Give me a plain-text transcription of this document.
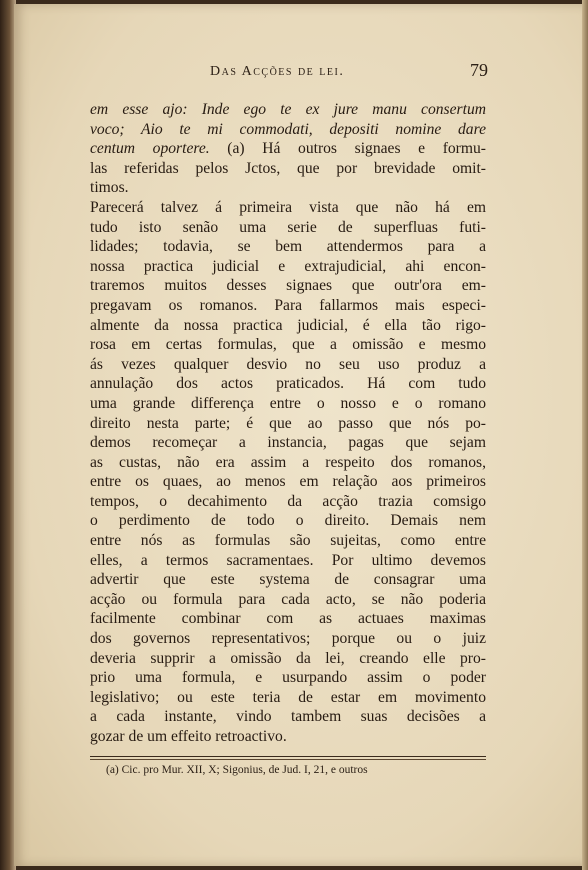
Das Acções de lei.	79
em esse ajo: Inde ego te ex jure manu consertum
voco; Aio te mi commodati, depositi nomine dare
centum oportere. (a) Há outros signaes e formu-
las referidas pelos Jctos, que por brevidade omit-
timos.
Parecerá talvez á primeira vista que não há em
tudo isto senão uma serie de superfluas futi-
lidades; todavia, se bem attendermos para a
nossa practica judicial e extrajudicial, ahi encon-
traremos muitos desses signaes que outr'ora em-
pregavam os romanos. Para fallarmos mais especi-
almente da nossa practica judicial, é ella tão rigo-
rosa em certas formulas, que a omissão e mesmo
ás vezes qualquer desvio no seu uso produz a
annulação dos actos praticados. Há com tudo
uma grande differença entre o nosso e o romano
direito nesta parte; é que ao passo que nós po-
demos recomeçar a instancia, pagas que sejam
as custas, não era assim a respeito dos romanos,
entre os quaes, ao menos em relação aos primeiros
tempos, o decahimento da acção trazia comsigo
o perdimento de todo o direito. Demais nem
entre nós as formulas são sujeitas, como entre
elles, a termos sacramentaes. Por ultimo devemos
advertir que este systema de consagrar uma
acção ou formula para cada acto, se não poderia
facilmente combinar com as actuaes maximas
dos governos representativos; porque ou o juiz
deveria supprir a omissão da lei, creando elle pro-
prio uma formula, e usurpando assim o poder
legislativo; ou este teria de estar em movimento
a cada instante, vindo tambem suas decisões a
gozar de um effeito retroactivo.
(a) Cic. pro Mur. XII, X; Sigonius, de Jud. I, 21, e outros
